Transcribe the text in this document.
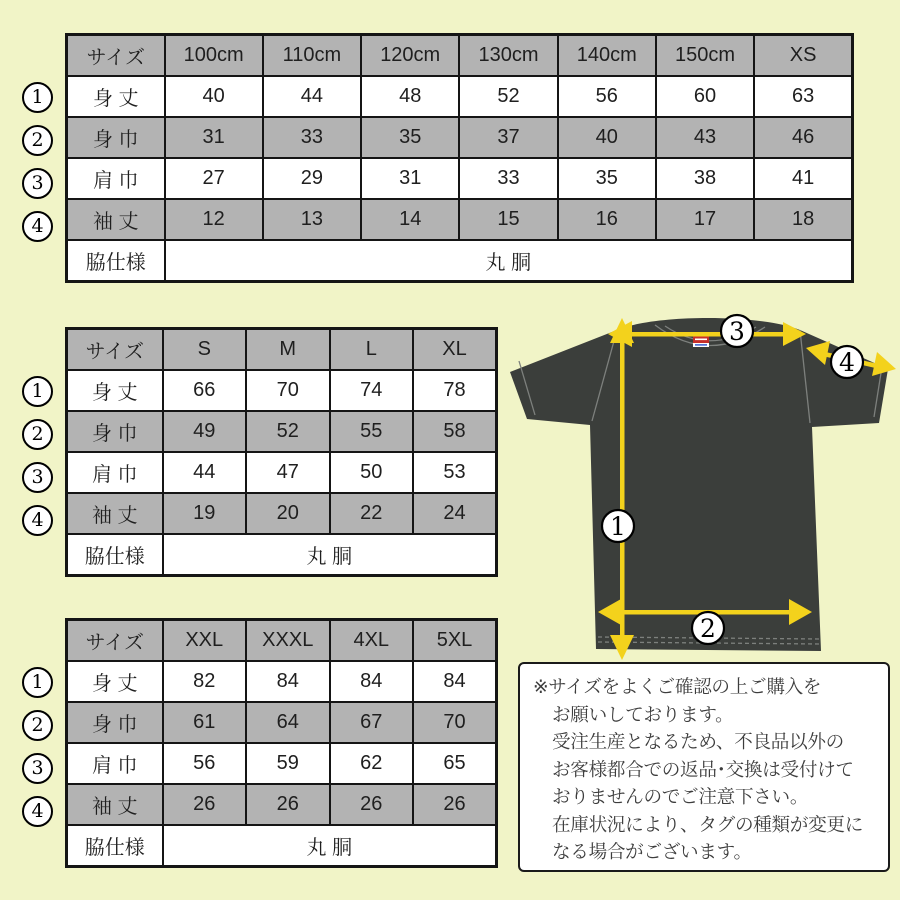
サイズ	100cm	110cm	120cm	130cm	140cm	150cm	XS
身 丈	40	44	48	52	56	60	63
身 巾	31	33	35	37	40	43	46
肩 巾	27	29	31	33	35	38	41
袖 丈	12	13	14	15	16	17	18
脇仕様	丸 胴						
サイズ	S	M	L	XL
身 丈	66	70	74	78
身 巾	49	52	55	58
肩 巾	44	47	50	53
袖 丈	19	20	22	24
脇仕様	丸 胴			
サイズ	XXL	XXXL	4XL	5XL
身 丈	82	84	84	84
身 巾	61	64	67	70
肩 巾	56	59	62	65
袖 丈	26	26	26	26
脇仕様	丸 胴			
1
2
3
4
1
2
3
4
1
2
3
4
1
2
3
4
※サイズをよくご確認の上ご購入を
お願いしております。
受注生産となるため、不良品以外の
お客様都合での返品･交換は受付けて
おりませんのでご注意下さい。
在庫状況により、タグの種類が変更に
なる場合がございます。
